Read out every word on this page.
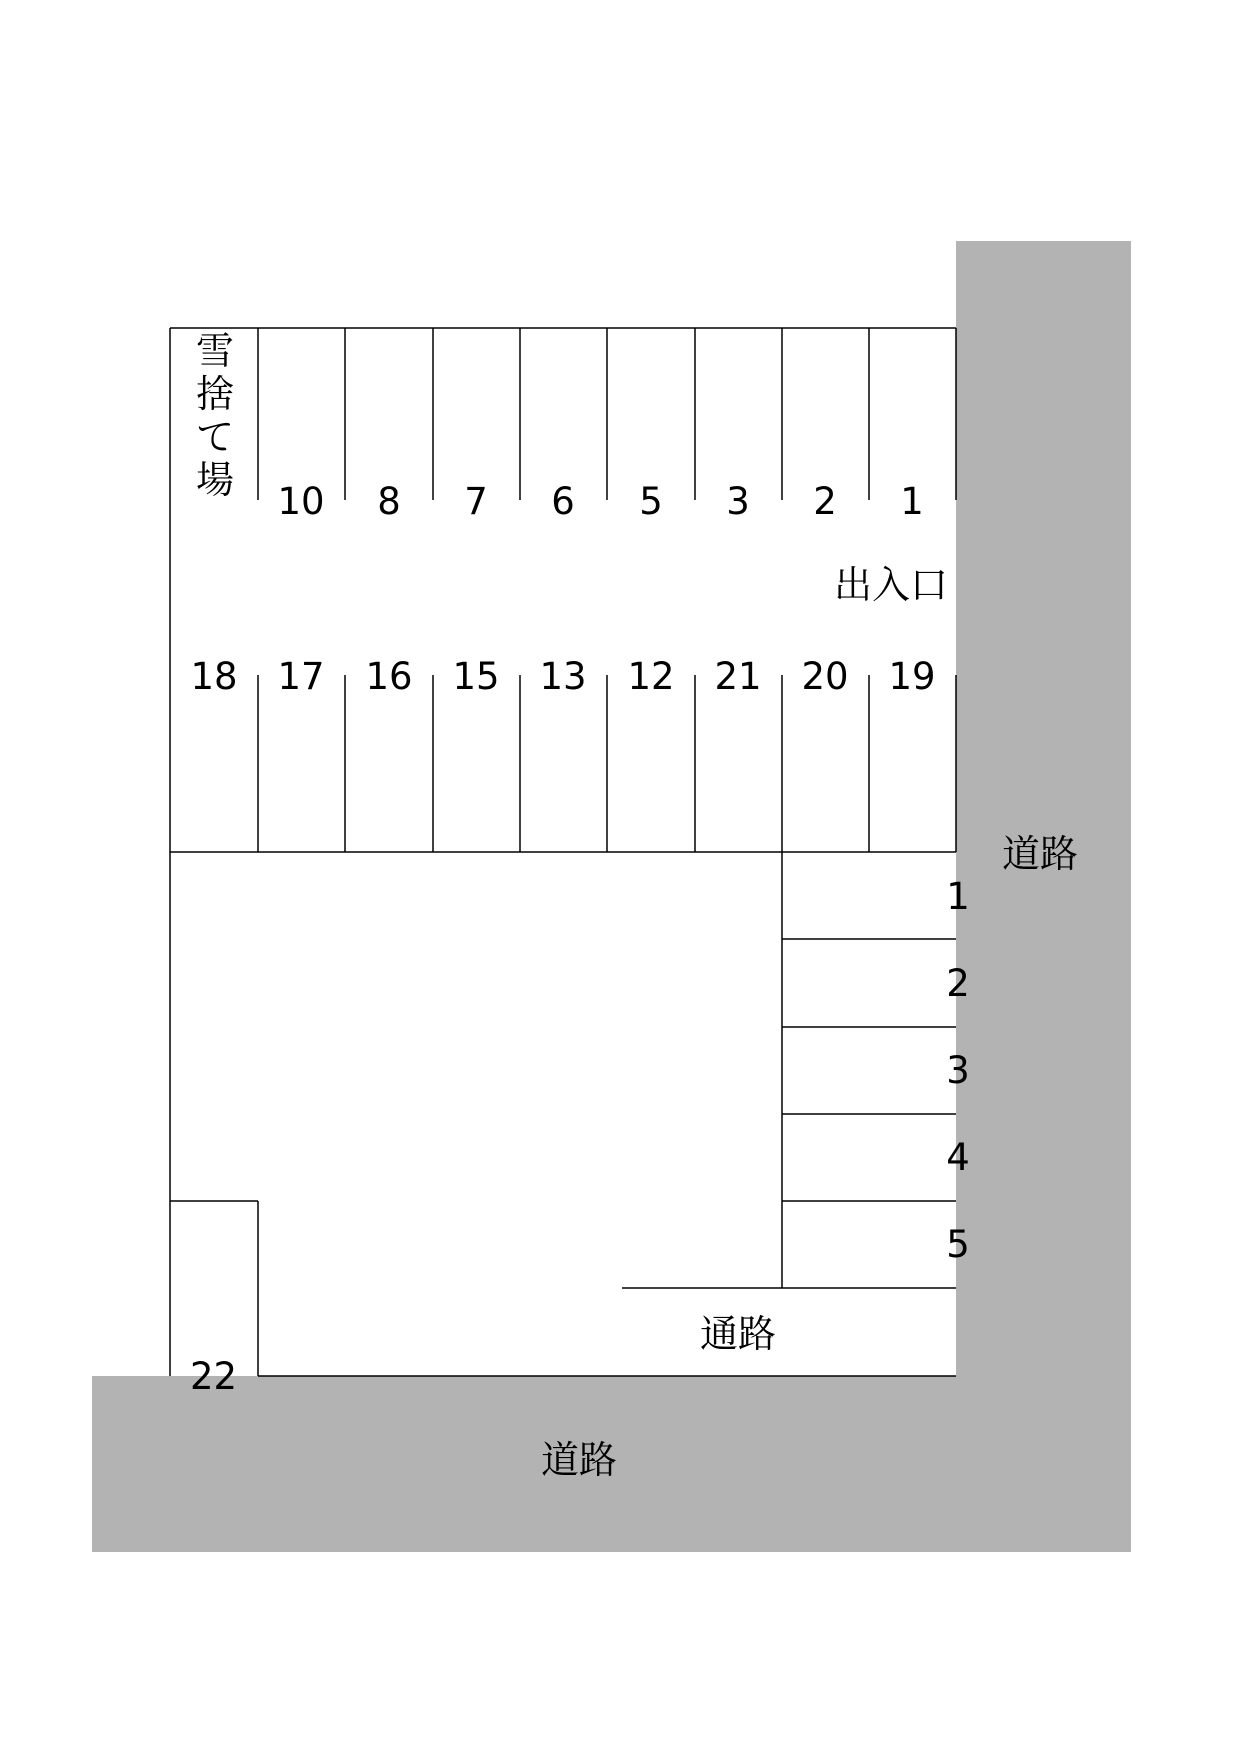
雪
捨
て
場 10	8	7	6	5	3	2	1
出入口
18 17 16 15 13 12 21 20 19
1
2
3
4
5
通路
道路
道路
22
